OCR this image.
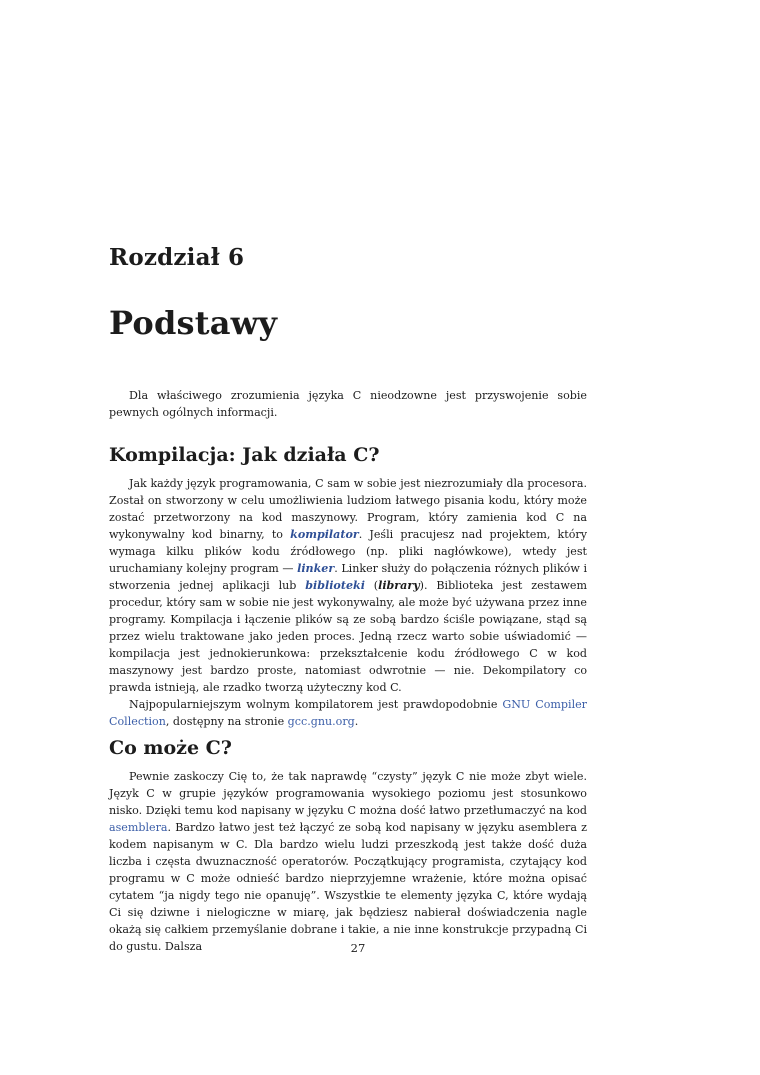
Rozdział 6
Podstawy

Dla właściwego zrozumienia języka C nieodzowne jest przyswojenie sobie pewnych ogólnych informacji.

Kompilacja: Jak działa C?

Jak każdy język programowania, C sam w sobie jest niezrozumiały dla procesora. Został on stworzony w celu umożliwienia ludziom łatwego pisania kodu, który może zostać przetworzony na kod maszynowy. Program, który zamienia kod C na wykonywalny kod binarny, to kompilator. Jeśli pracujesz nad projektem, który wymaga kilku plików kodu źródłowego (np. pliki nagłówkowe), wtedy jest uruchamiany kolejny program — linker. Linker służy do połączenia różnych plików i stworzenia jednej aplikacji lub biblioteki (library). Biblioteka jest zestawem procedur, który sam w sobie nie jest wykonywalny, ale może być używana przez inne programy. Kompilacja i łączenie plików są ze sobą bardzo ściśle powiązane, stąd są przez wielu traktowane jako jeden proces. Jedną rzecz warto sobie uświadomić — kompilacja jest jednokierunkowa: przekształcenie kodu źródłowego C w kod maszynowy jest bardzo proste, natomiast odwrotnie — nie. Dekompilatory co prawda istnieją, ale rzadko tworzą użyteczny kod C.

Najpopularniejszym wolnym kompilatorem jest prawdopodobnie GNU Compiler Collection, dostępny na stronie gcc.gnu.org.

Co może C?

Pewnie zaskoczy Cię to, że tak naprawdę “czysty” język C nie może zbyt wiele. Język C w grupie języków programowania wysokiego poziomu jest stosunkowo nisko. Dzięki temu kod napisany w języku C można dość łatwo przetłumaczyć na kod asemblera. Bardzo łatwo jest też łączyć ze sobą kod napisany w języku asemblera z kodem napisanym w C. Dla bardzo wielu ludzi przeszkodą jest także dość duża liczba i częsta dwuznaczność operatorów. Początkujący programista, czytający kod programu w C może odnieść bardzo nieprzyjemne wrażenie, które można opisać cytatem “ja nigdy tego nie opanuję”. Wszystkie te elementy języka C, które wydają Ci się dziwne i nielogiczne w miarę, jak będziesz nabierał doświadczenia nagle okażą się całkiem przemyślanie dobrane i takie, a nie inne konstrukcje przypadną Ci do gustu. Dalsza	27
